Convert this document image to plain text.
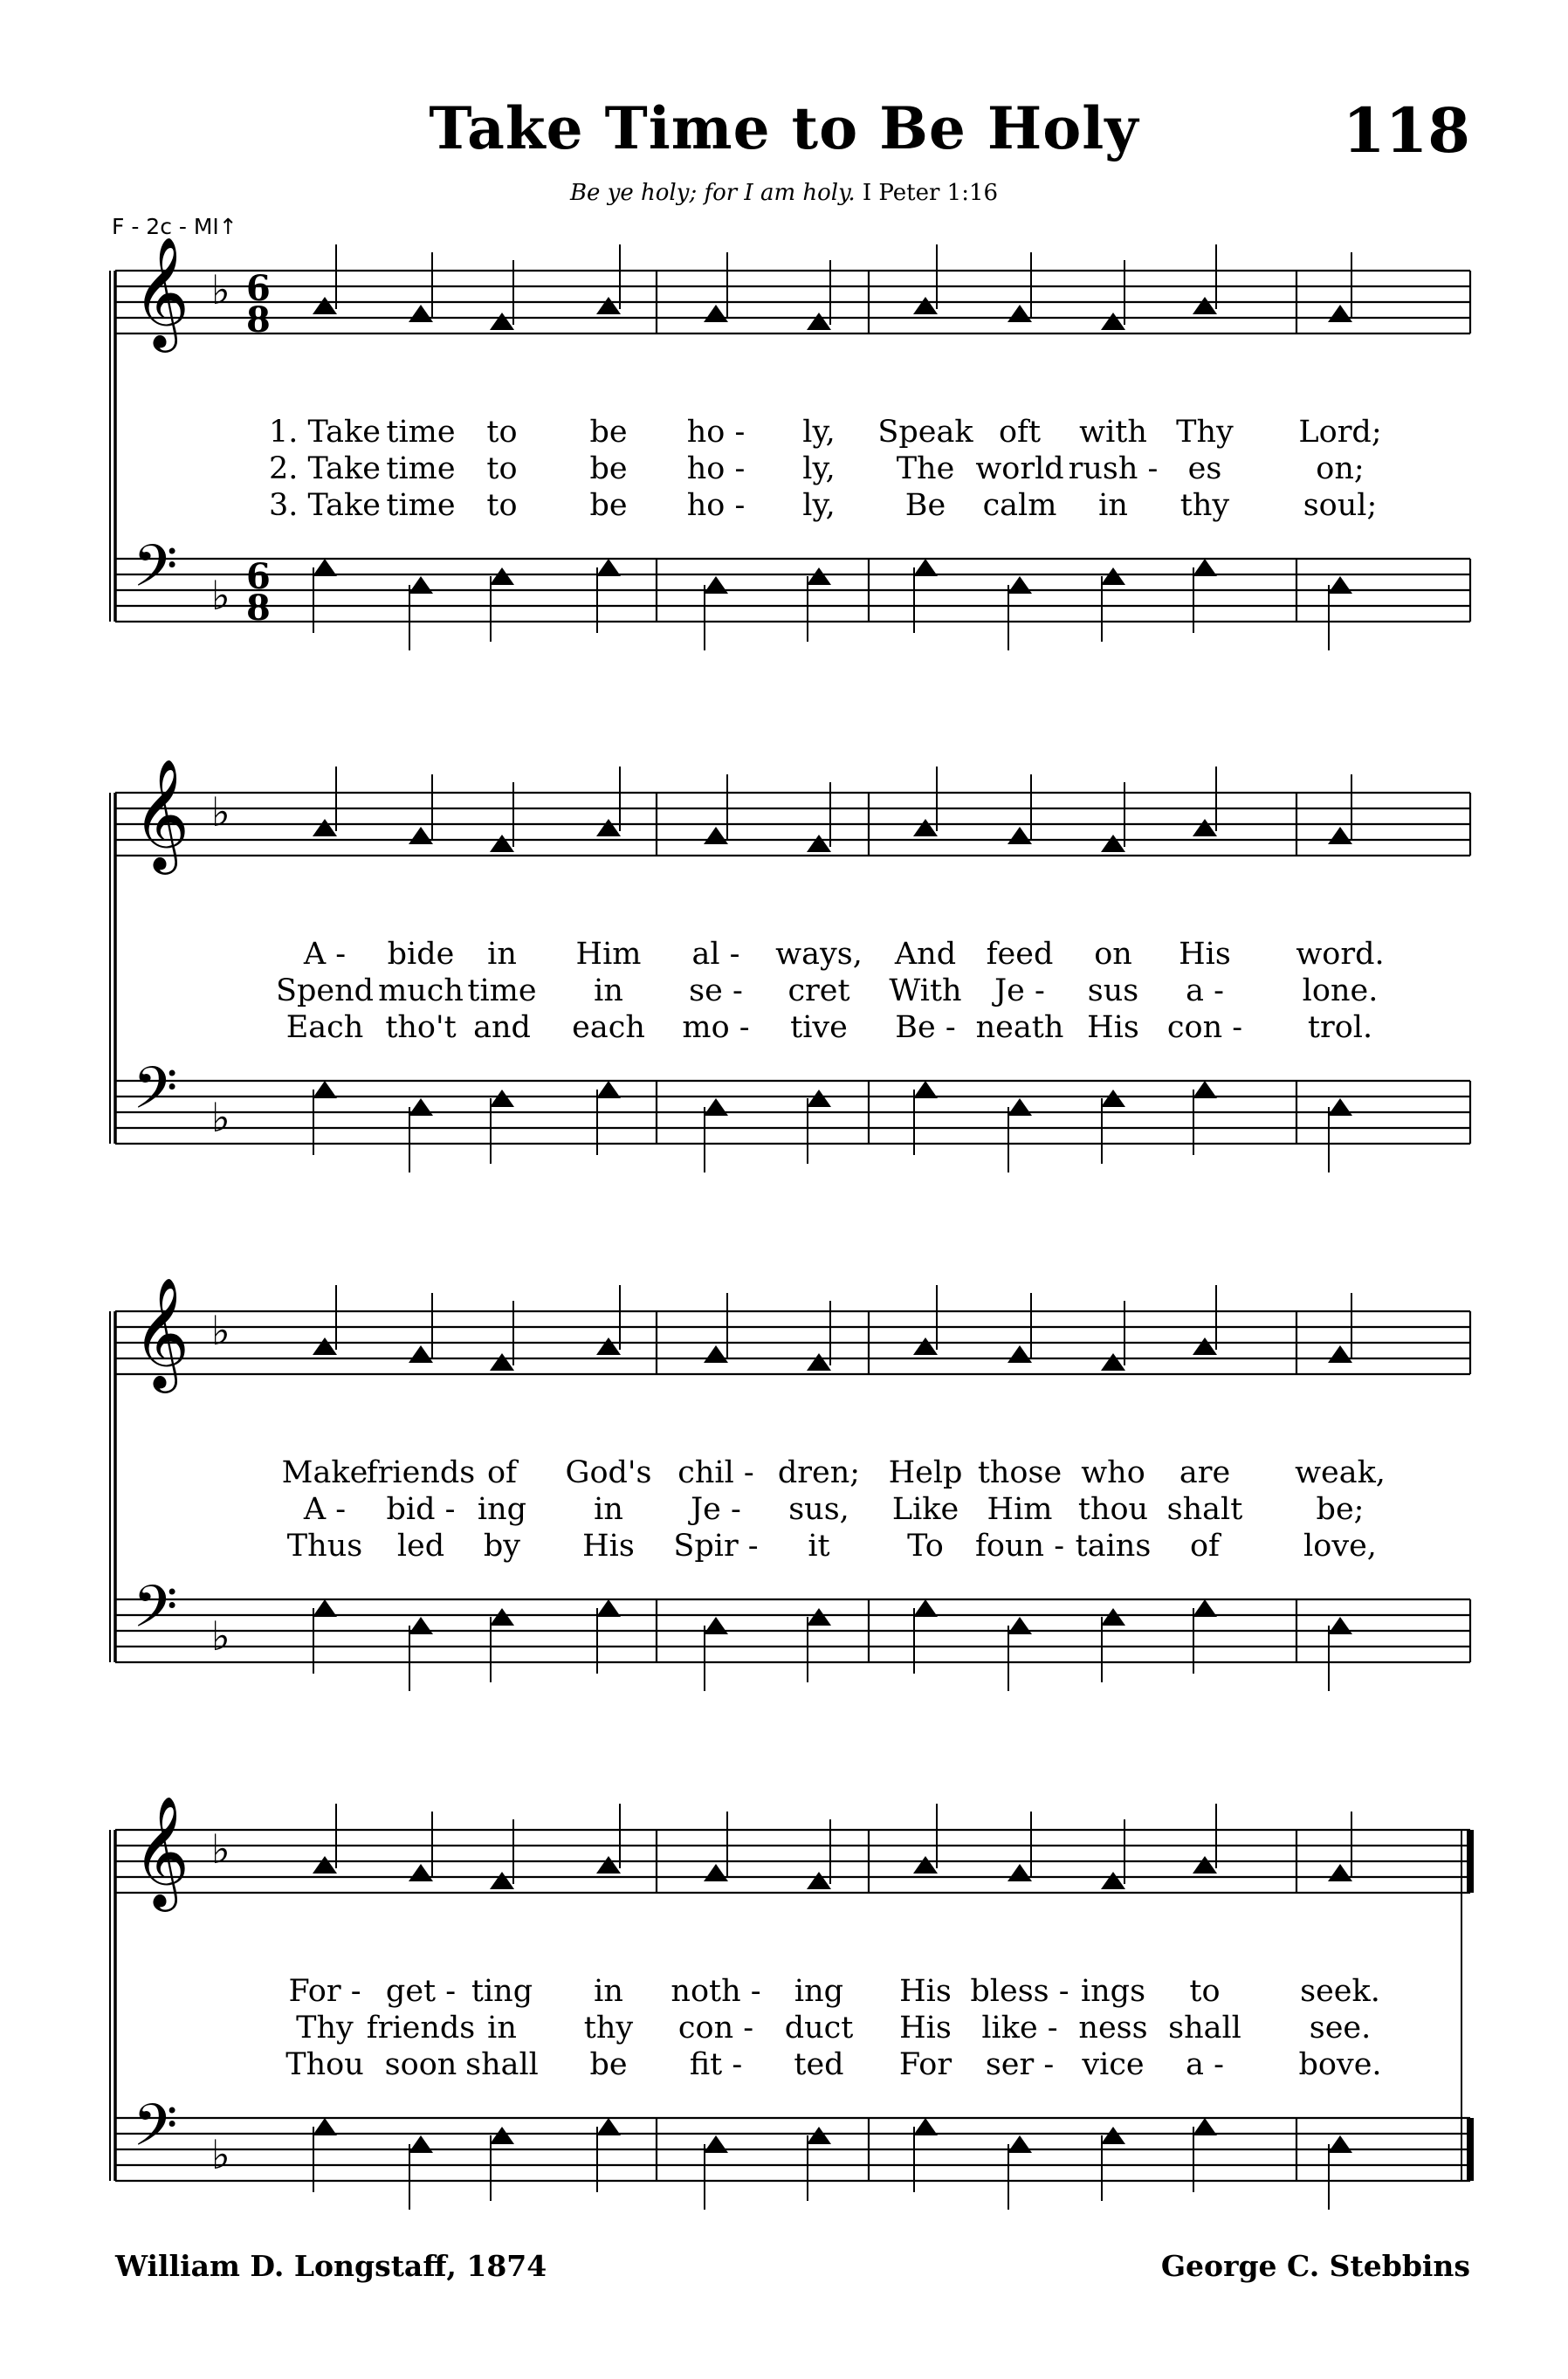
Take Time to Be Holy	118
Be ye holy; for I am holy. I Peter 1:16
F - 2c - MI↑
𝄞 ♭ 6
8
𝄢 ♭ 6
8
𝄞 ♭
𝄢 ♭
𝄞 ♭
𝄢 ♭
𝄞 ♭
𝄢 ♭
1. Take time to be ho - ly, Speak oft with Thy Lord;
2. Take time to be ho - ly, The world rush - es	on;
3. Take time to be ho - ly, Be calm in thy soul;
A - bide in Him al - ways, And feed on His word.
Spend much time in se - cret With Je - sus a -	lone.
Each tho't and each mo - tive Be - neath His con - trol.
Make
friends of God's chil - dren; Help those who are weak,
A - bid - ing in Je - sus, Like Him thou shalt be;
Thus led by His Spir - it	To foun - tains of	love,
For - get - ting in noth - ing His bless - ings to	seek.
Thy friends in thy con - duct His like - ness shall see.
Thou soon shall be fit - ted For ser - vice a - bove.
William D. Longstaff, 1874	George C. Stebbins
